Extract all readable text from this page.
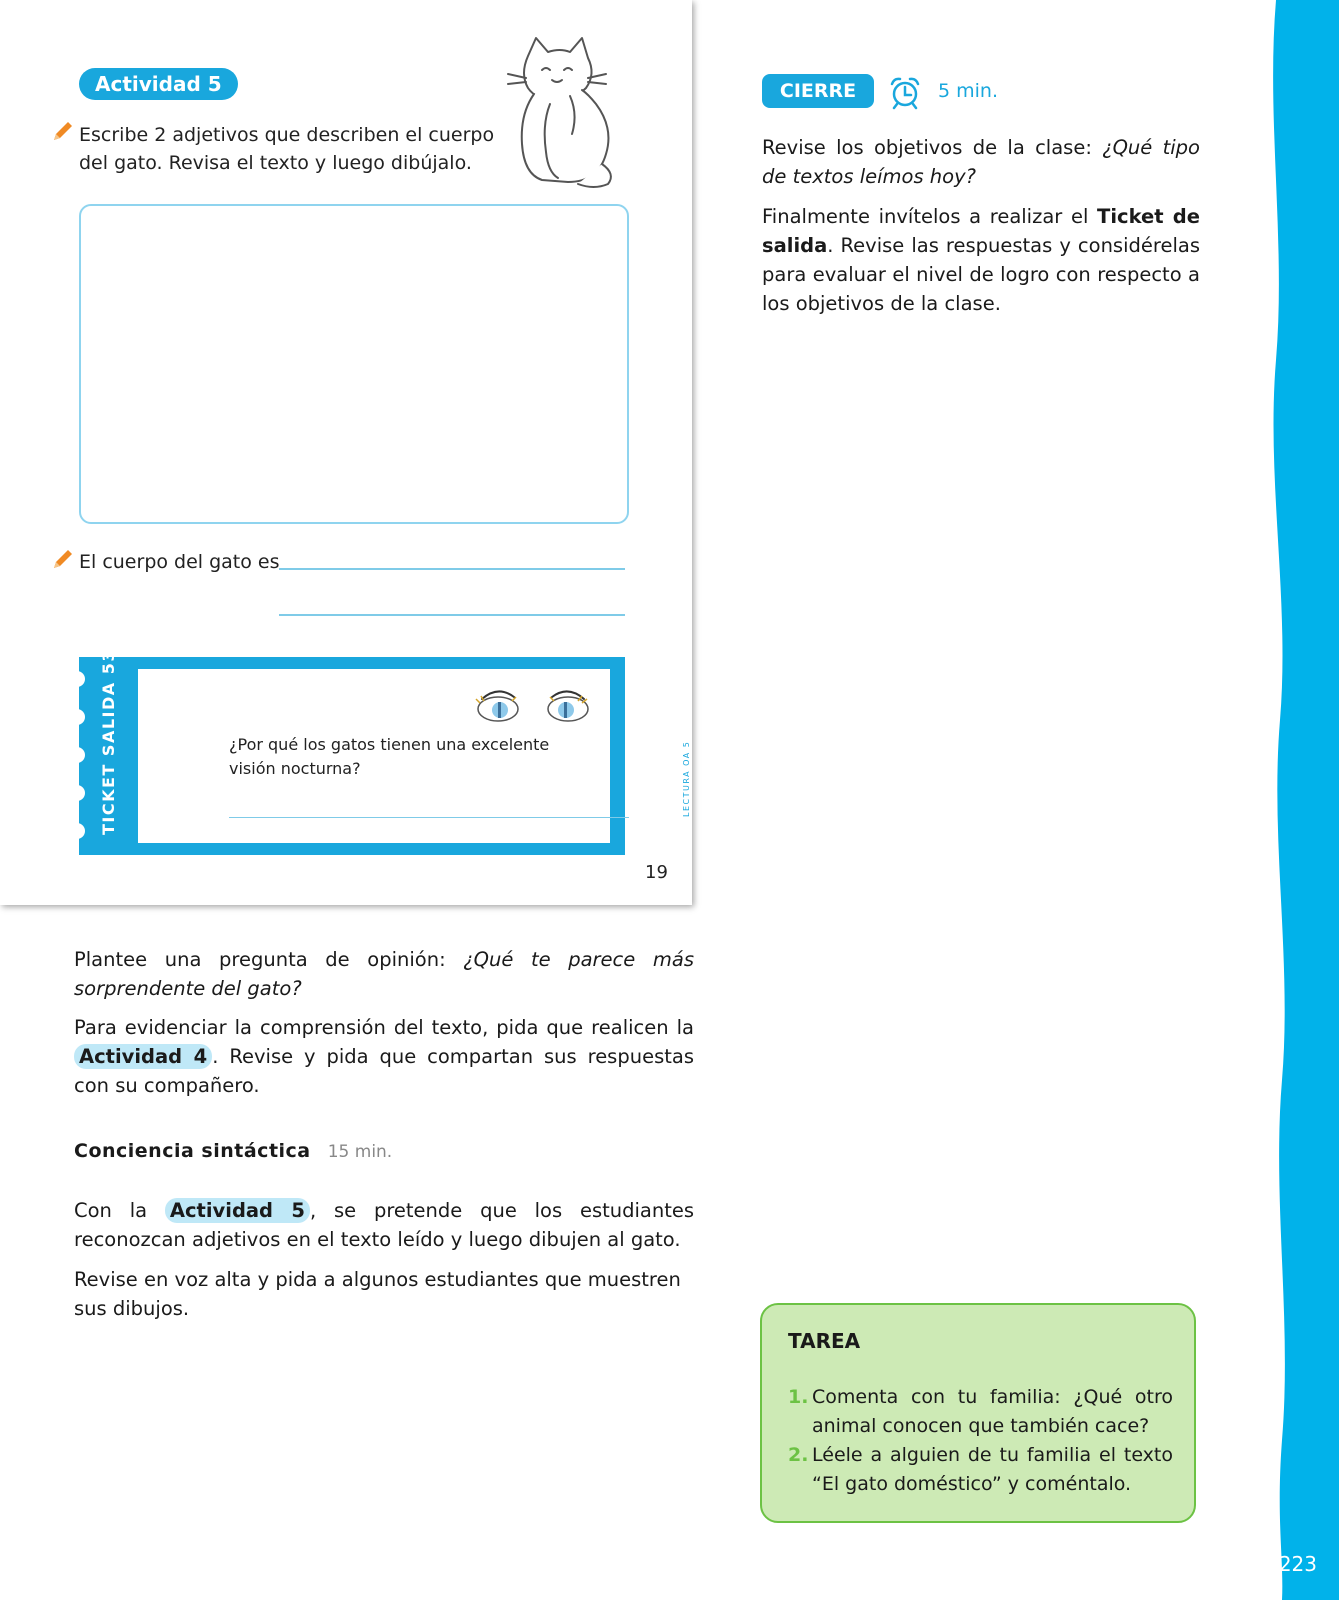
223
Actividad 5
Escribe 2 adjetivos que describen el cuerpo
del gato. Revisa el texto y luego dibújalo.
El cuerpo del gato es
TICKET SALIDA 53	¿Por qué los gatos tienen una excelente
visión nocturna?	LECTURA OA 5
19
Plantee una pregunta de opinión: ¿Qué te parece más sorprendente del gato?
Para evidenciar la comprensión del texto, pida que realicen la Actividad 4 . Revise y pida que compartan sus respuestas con su compañero.
Conciencia sintáctica 15 min.
Con la Actividad 5 , se pretende que los estudiantes reconozcan adjetivos en el texto leído y luego dibujen al gato.
Revise en voz alta y pida a algunos estudiantes que muestren sus dibujos.
CIERRE	5 min.
Revise los objetivos de la clase: ¿Qué tipo de textos leímos hoy?
Finalmente invítelos a realizar el Ticket de salida. Revise las respuestas y considérelas para evaluar el nivel de logro con respecto a los objetivos de la clase.
TAREA
1. Comenta con tu familia: ¿Qué otro animal conocen que también cace?
2. Léele a alguien de tu familia el texto “El gato doméstico” y coméntalo.
